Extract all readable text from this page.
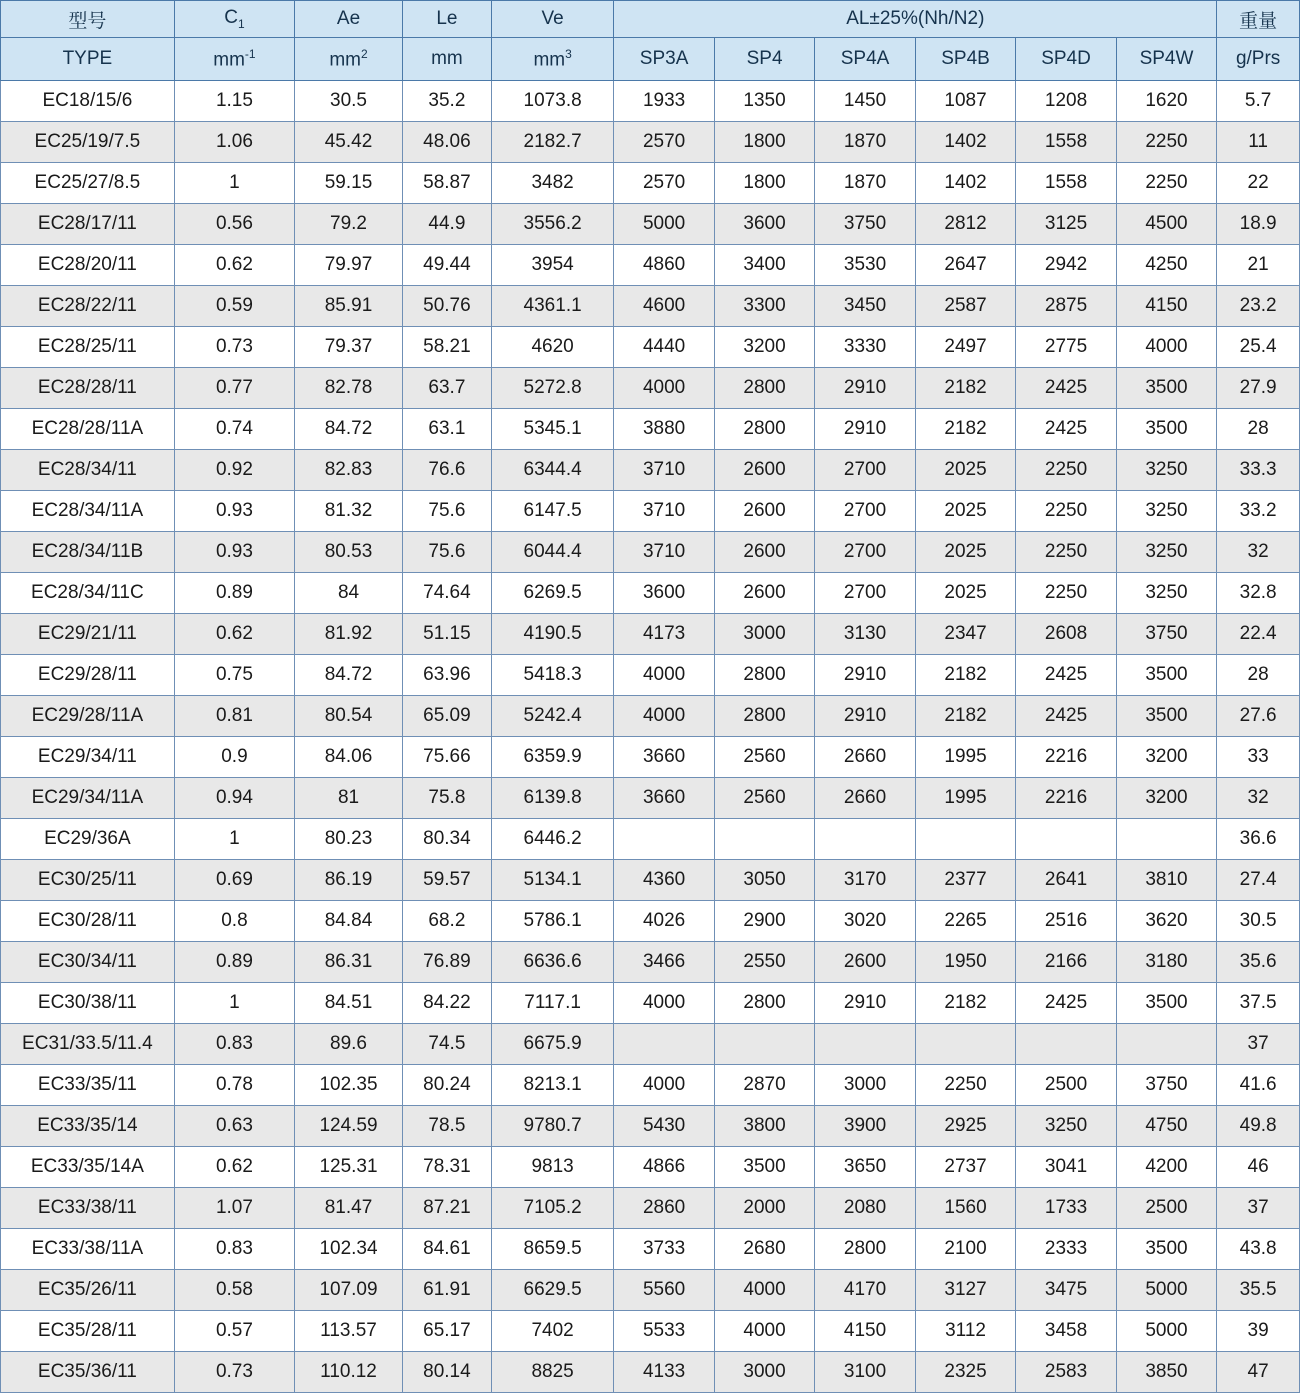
型号	$C_1$	Ae	Le	Ve	AL±25%(Nh/N2)						重量
TYPE	$mm^{-1}$	$mm^2$	mm	$mm^3$	SP3A	SP4	SP4A	SP4B	SP4D	SP4W	g/Prs
EC18/15/6	1.15	30.5	35.2	1073.8	1933	1350	1450	1087	1208	1620	5.7
EC25/19/7.5	1.06	45.42	48.06	2182.7	2570	1800	1870	1402	1558	2250	11
EC25/27/8.5	1	59.15	58.87	3482	2570	1800	1870	1402	1558	2250	22
EC28/17/11	0.56	79.2	44.9	3556.2	5000	3600	3750	2812	3125	4500	18.9
EC28/20/11	0.62	79.97	49.44	3954	4860	3400	3530	2647	2942	4250	21
EC28/22/11	0.59	85.91	50.76	4361.1	4600	3300	3450	2587	2875	4150	23.2
EC28/25/11	0.73	79.37	58.21	4620	4440	3200	3330	2497	2775	4000	25.4
EC28/28/11	0.77	82.78	63.7	5272.8	4000	2800	2910	2182	2425	3500	27.9
EC28/28/11A	0.74	84.72	63.1	5345.1	3880	2800	2910	2182	2425	3500	28
EC28/34/11	0.92	82.83	76.6	6344.4	3710	2600	2700	2025	2250	3250	33.3
EC28/34/11A	0.93	81.32	75.6	6147.5	3710	2600	2700	2025	2250	3250	33.2
EC28/34/11B	0.93	80.53	75.6	6044.4	3710	2600	2700	2025	2250	3250	32
EC28/34/11C	0.89	84	74.64	6269.5	3600	2600	2700	2025	2250	3250	32.8
EC29/21/11	0.62	81.92	51.15	4190.5	4173	3000	3130	2347	2608	3750	22.4
EC29/28/11	0.75	84.72	63.96	5418.3	4000	2800	2910	2182	2425	3500	28
EC29/28/11A	0.81	80.54	65.09	5242.4	4000	2800	2910	2182	2425	3500	27.6
EC29/34/11	0.9	84.06	75.66	6359.9	3660	2560	2660	1995	2216	3200	33
EC29/34/11A	0.94	81	75.8	6139.8	3660	2560	2660	1995	2216	3200	32
EC29/36A	1	80.23	80.34	6446.2							36.6
EC30/25/11	0.69	86.19	59.57	5134.1	4360	3050	3170	2377	2641	3810	27.4
EC30/28/11	0.8	84.84	68.2	5786.1	4026	2900	3020	2265	2516	3620	30.5
EC30/34/11	0.89	86.31	76.89	6636.6	3466	2550	2600	1950	2166	3180	35.6
EC30/38/11	1	84.51	84.22	7117.1	4000	2800	2910	2182	2425	3500	37.5
EC31/33.5/11.4	0.83	89.6	74.5	6675.9							37
EC33/35/11	0.78	102.35	80.24	8213.1	4000	2870	3000	2250	2500	3750	41.6
EC33/35/14	0.63	124.59	78.5	9780.7	5430	3800	3900	2925	3250	4750	49.8
EC33/35/14A	0.62	125.31	78.31	9813	4866	3500	3650	2737	3041	4200	46
EC33/38/11	1.07	81.47	87.21	7105.2	2860	2000	2080	1560	1733	2500	37
EC33/38/11A	0.83	102.34	84.61	8659.5	3733	2680	2800	2100	2333	3500	43.8
EC35/26/11	0.58	107.09	61.91	6629.5	5560	4000	4170	3127	3475	5000	35.5
EC35/28/11	0.57	113.57	65.17	7402	5533	4000	4150	3112	3458	5000	39
EC35/36/11	0.73	110.12	80.14	8825	4133	3000	3100	2325	2583	3850	47
